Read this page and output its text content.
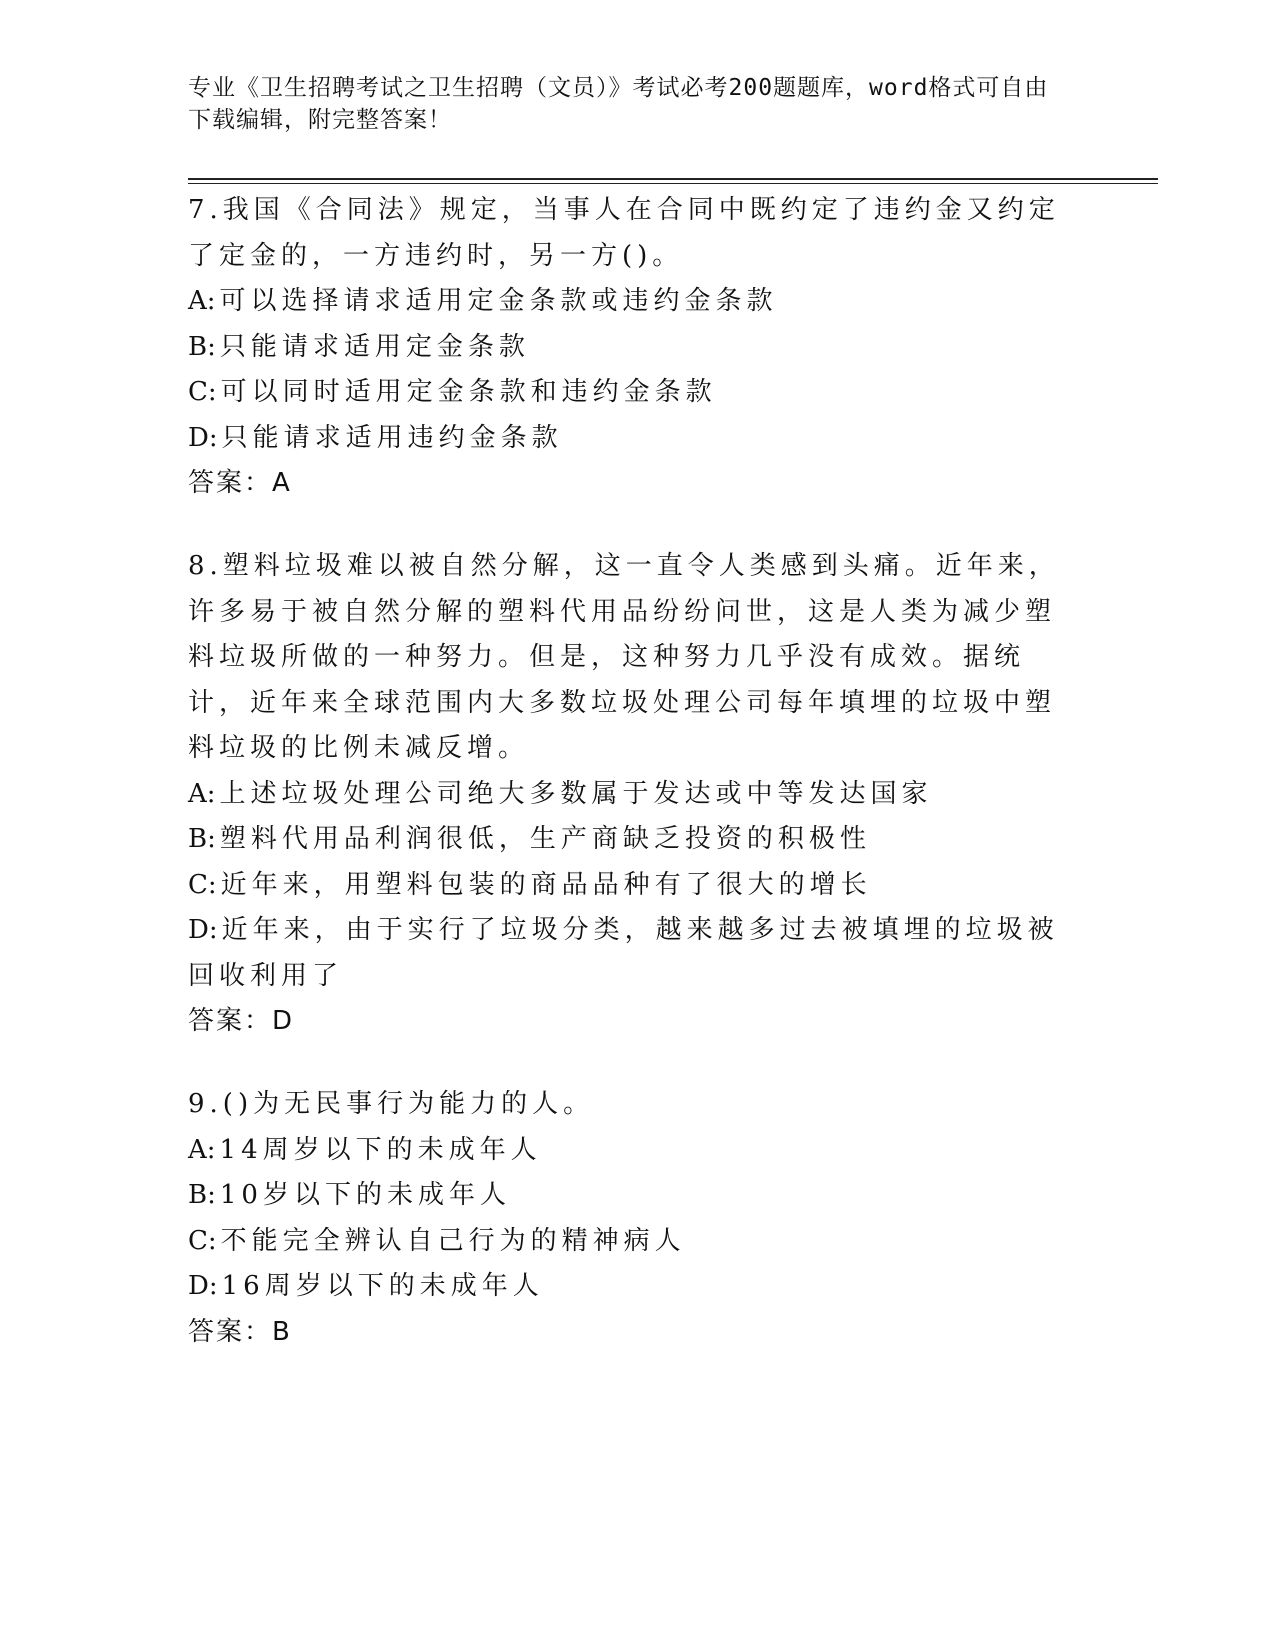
专业《卫生招聘考试之卫生招聘（文员）》考试必考200题题库，word格式可自由下载编辑，附完整答案！
7.我国《合同法》规定，当事人在合同中既约定了违约金又约定了定金的，一方违约时，另一方()。
A: 可以选择请求适用定金条款或违约金条款
B: 只能请求适用定金条款
C: 可以同时适用定金条款和违约金条款
D: 只能请求适用违约金条款
答案：A
8.塑料垃圾难以被自然分解，这一直令人类感到头痛。近年来，许多易于被自然分解的塑料代用品纷纷问世，这是人类为减少塑料垃圾所做的一种努力。但是，这种努力几乎没有成效。据统计，近年来全球范围内大多数垃圾处理公司每年填埋的垃圾中塑料垃圾的比例未减反增。
A: 上述垃圾处理公司绝大多数属于发达或中等发达国家
B: 塑料代用品利润很低，生产商缺乏投资的积极性
C: 近年来，用塑料包装的商品品种有了很大的增长
D: 近年来，由于实行了垃圾分类，越来越多过去被填埋的垃圾被回收利用了
答案：D
9.()为无民事行为能力的人。
A: 14周岁以下的未成年人
B: 10岁以下的未成年人
C: 不能完全辨认自己行为的精神病人
D: 16周岁以下的未成年人
答案：B
